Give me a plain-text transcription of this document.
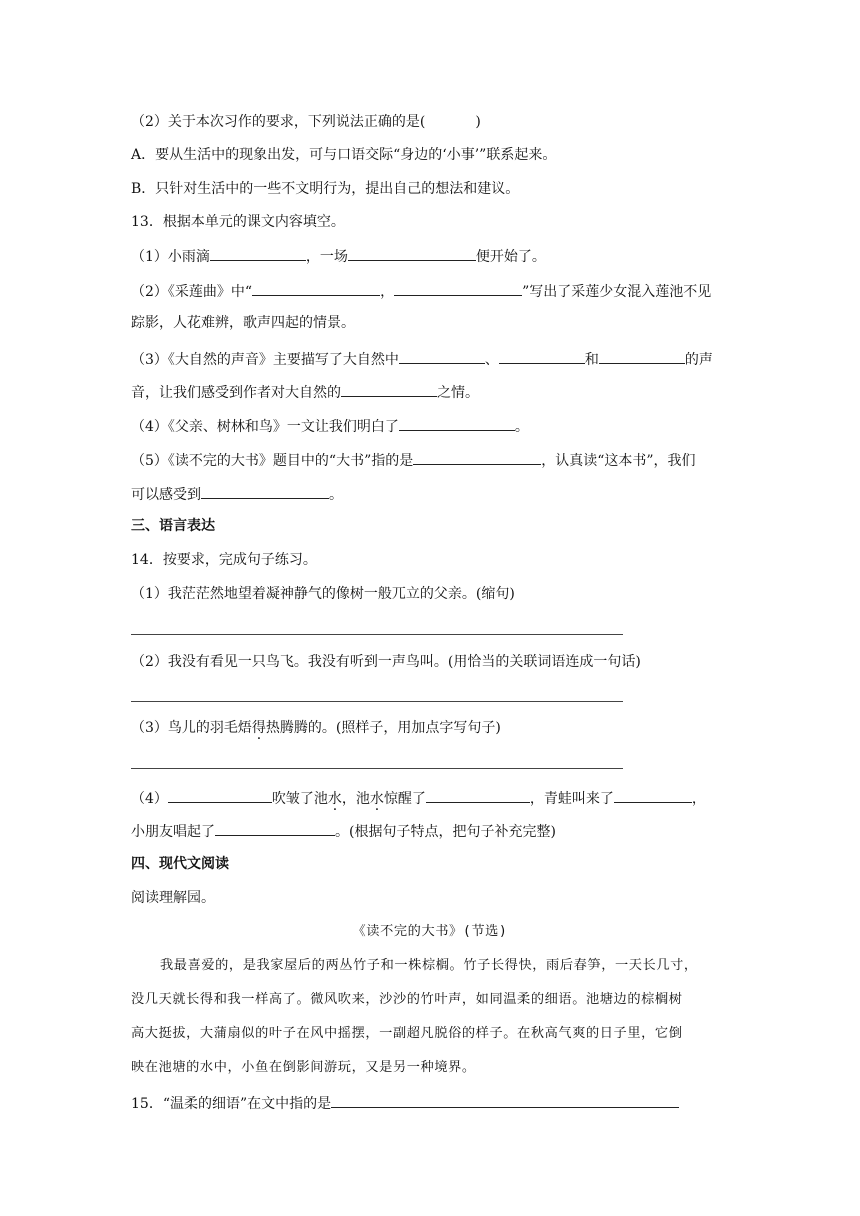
（2）关于本次习作的要求，下列说法正确的是(	)
A．要从生活中的现象出发，可与口语交际“身边的‘小事’”联系起来。
B．只针对生活中的一些不文明行为，提出自己的想法和建议。
13．根据本单元的课文内容填空。
（1）小雨滴	，一场	便开始了。
（2）《采莲曲》中“	，	”写出了采莲少女混入莲池不见
踪影，人花难辨，歌声四起的情景。
（3）《大自然的声音》主要描写了大自然中	、	和	的声
音，让我们感受到作者对大自然的	之情。
（4）《父亲、树林和鸟》一文让我们明白了	。
（5）《读不完的大书》题目中的“大书”指的是	，认真读“这本书”，我们
可以感受到	。
三、语言表达
14．按要求，完成句子练习。
（1）我茫茫然地望着凝神静气的像树一般兀立的父亲。(缩句)
（2）我没有看见一只鸟飞。我没有听到一声鸟叫。(用恰当的关联词语连成一句话)
（3）鸟儿的羽毛焐得热腾腾的。(照样子，用加点字写句子)
（4）	吹皱了池水，池水惊醒了	，青蛙叫来了	，
小朋友唱起了	。(根据句子特点，把句子补充完整)
四、现代文阅读
阅读理解园。
《读不完的大书》(节选)
我最喜爱的，是我家屋后的两丛竹子和一株棕榈。竹子长得快，雨后春笋，一天长几寸，
没几天就长得和我一样高了。微风吹来，沙沙的竹叶声，如同温柔的细语。池塘边的棕榈树
高大挺拔，大蒲扇似的叶子在风中摇摆，一副超凡脱俗的样子。在秋高气爽的日子里，它倒
映在池塘的水中，小鱼在倒影间游玩，又是另一种境界。
15．“温柔的细语”在文中指的是
